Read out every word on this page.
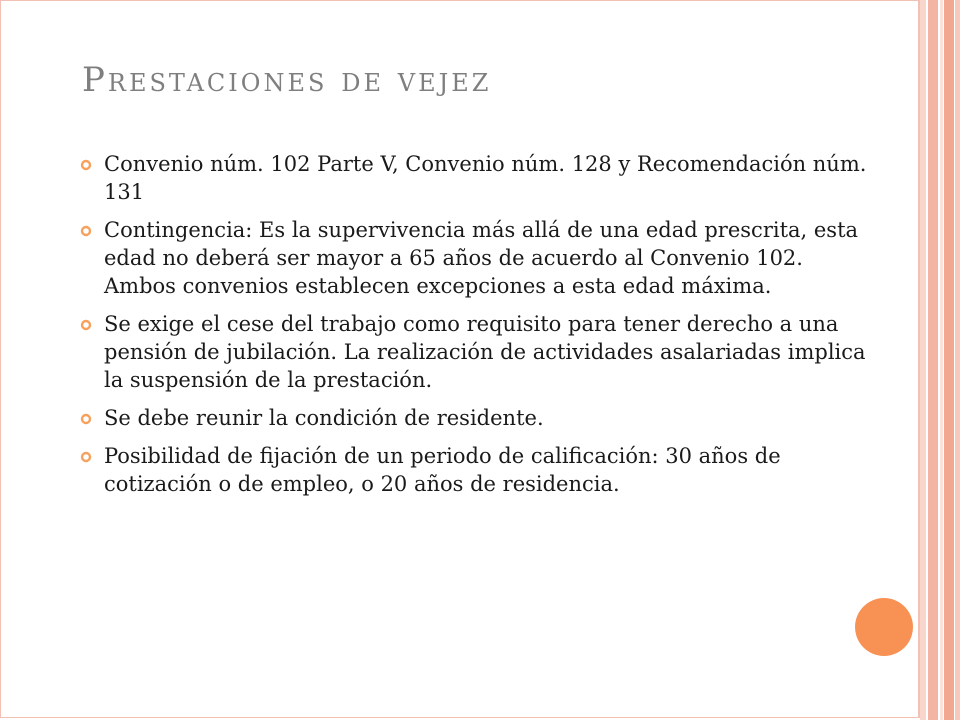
Prestaciones de vejez
Convenio núm. 102 Parte V, Convenio núm. 128 y Recomendación núm. 131
Contingencia: Es la supervivencia más allá de una edad prescrita, esta edad no deberá ser mayor a 65 años de acuerdo al Convenio 102. Ambos convenios establecen excepciones a esta edad máxima.
Se exige el cese del trabajo como requisito para tener derecho a una pensión de jubilación. La realización de actividades asalariadas implica la suspensión de la prestación.
Se debe reunir la condición de residente.
Posibilidad de fijación de un periodo de calificación: 30 años de cotización o de empleo, o 20 años de residencia.
